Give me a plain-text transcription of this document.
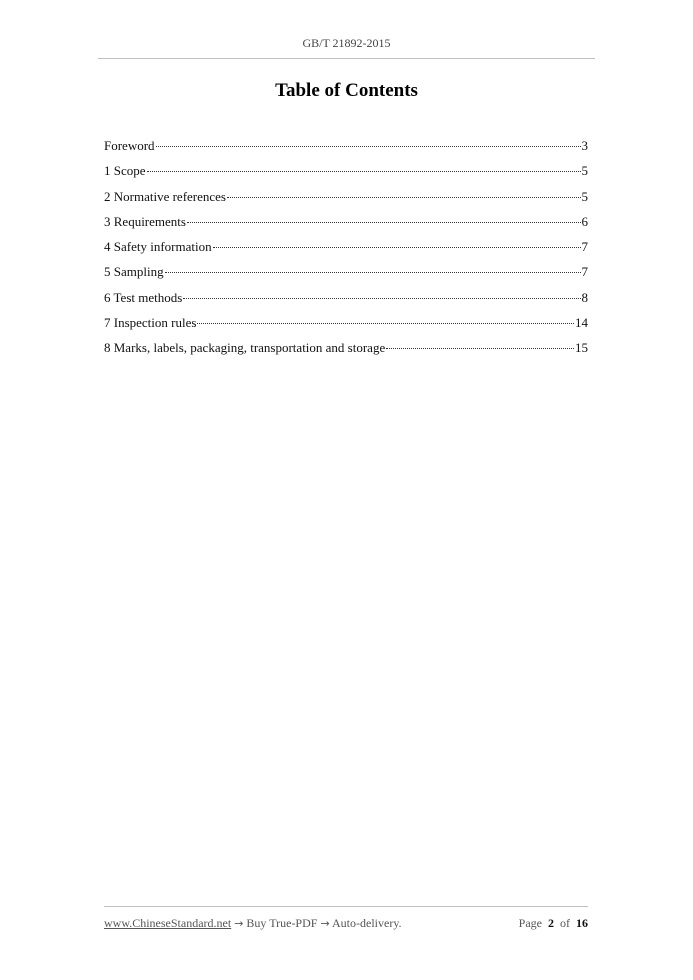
GB/T 21892-2015
Table of Contents
Foreword	3
1 Scope	5
2 Normative references	5
3 Requirements	6
4 Safety information	7
5 Sampling	7
6 Test methods	8
7 Inspection rules	14
8 Marks, labels, packaging, transportation and storage	15
www.ChineseStandard.net → Buy True-PDF → Auto-delivery.	Page 2 of 16
